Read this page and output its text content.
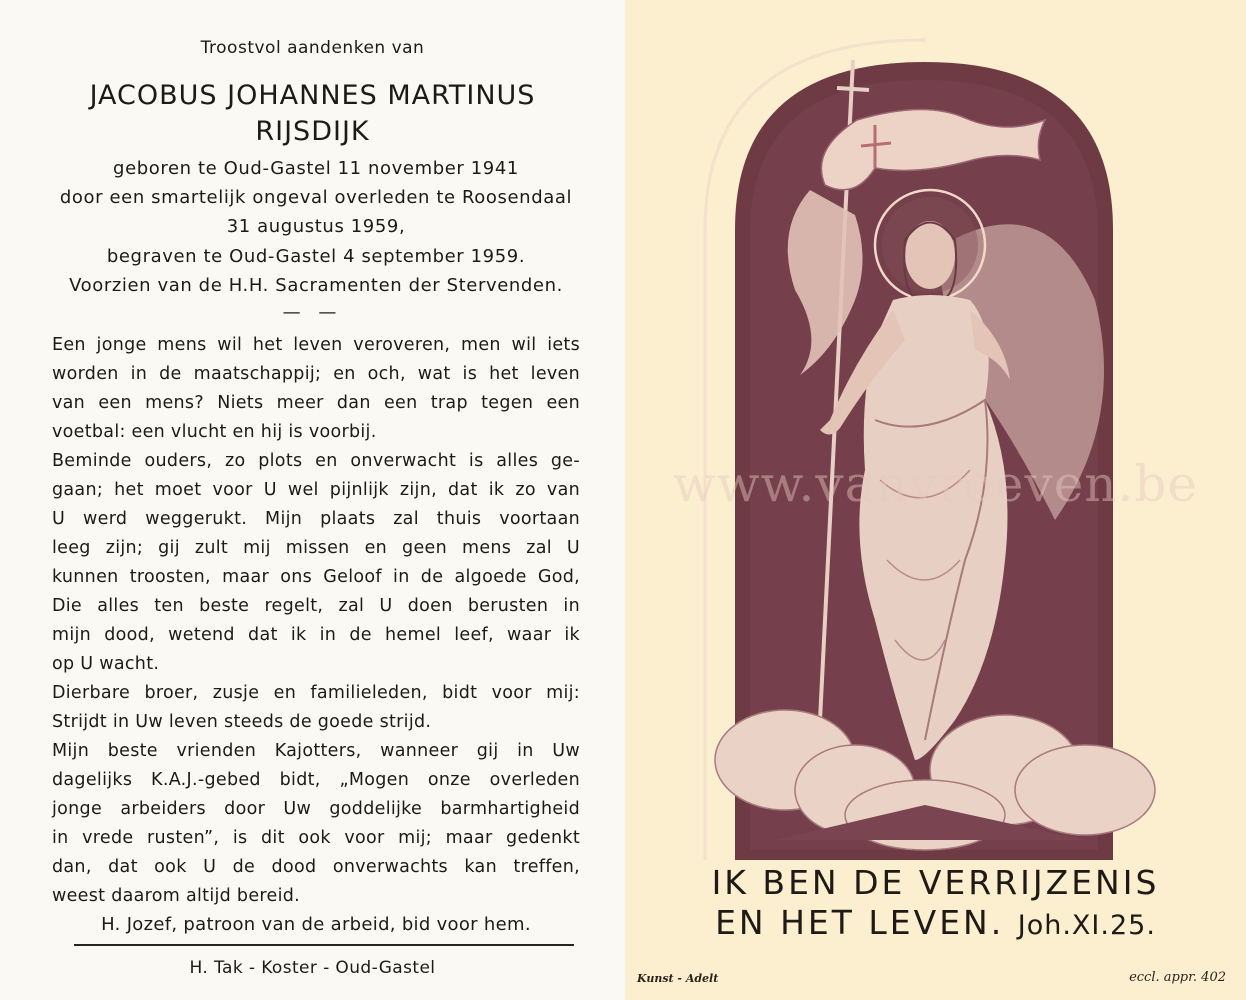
Troostvol aandenken van
JACOBUS JOHANNES MARTINUS
RIJSDIJK
geboren te Oud-Gastel 11 november 1941
door een smartelijk ongeval overleden te Roosendaal
31 augustus 1959,
begraven te Oud-Gastel 4 september 1959.
Voorzien van de H.H. Sacramenten der Stervenden.
— —
Een jonge mens wil het leven veroveren, men wil iets
worden in de maatschappij; en och, wat is het leven
van een mens? Niets meer dan een trap tegen een
voetbal: een vlucht en hij is voorbij.
Beminde ouders, zo plots en onverwacht is alles ge-
gaan; het moet voor U wel pijnlijk zijn, dat ik zo van
U werd weggerukt. Mijn plaats zal thuis voortaan
leeg zijn; gij zult mij missen en geen mens zal U
kunnen troosten, maar ons Geloof in de algoede God,
Die alles ten beste regelt, zal U doen berusten in
mijn dood, wetend dat ik in de hemel leef, waar ik
op U wacht.
Dierbare broer, zusje en familieleden, bidt voor mij:
Strijdt in Uw leven steeds de goede strijd.
Mijn beste vrienden Kajotters, wanneer gij in Uw
dagelijks K.A.J.-gebed bidt, „Mogen onze overleden
jonge arbeiders door Uw goddelijke barmhartigheid
in vrede rusten”, is dit ook voor mij; maar gedenkt
dan, dat ook U de dood onverwachts kan treffen,
weest daarom altijd bereid.
H. Jozef, patroon van de arbeid, bid voor hem.
H. Tak - Koster - Oud-Gastel
www.vanvroeven.be
IK BEN DE VERRIJZENIS
EN HET LEVEN. Joh.XI.25.
Kunst - Adelt	eccl. appr. 402
